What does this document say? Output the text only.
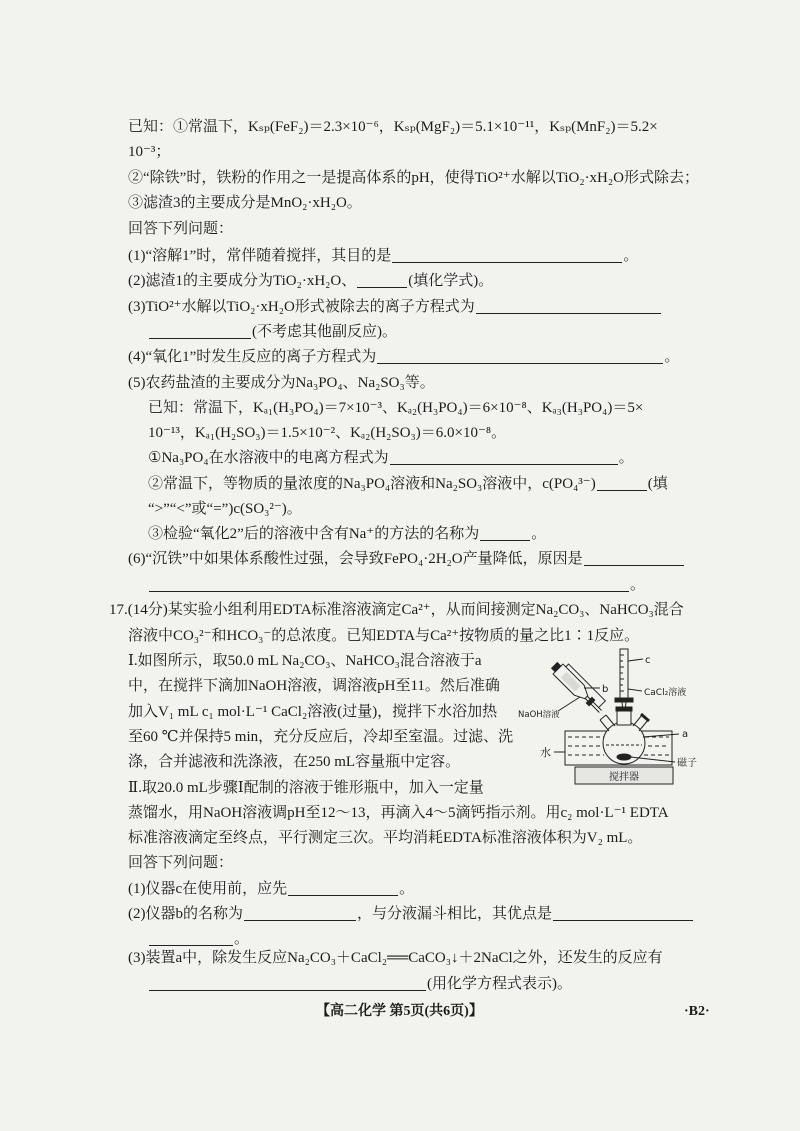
已知：①常温下，Kₛₚ(FeF₂)＝2.3×10⁻⁶，Kₛₚ(MgF₂)＝5.1×10⁻¹¹，Kₛₚ(MnF₂)＝5.2×
10⁻³；
②“除铁”时，铁粉的作用之一是提高体系的pH，使得TiO²⁺水解以TiO₂·xH₂O形式除去；
③滤渣3的主要成分是MnO₂·xH₂O。
回答下列问题：
(1)“溶解1”时，常伴随着搅拌，其目的是	。
(2)滤渣1的主要成分为TiO₂·xH₂O、	(填化学式)。
(3)TiO²⁺水解以TiO₂·xH₂O形式被除去的离子方程式为
(不考虑其他副反应)。
(4)“氧化1”时发生反应的离子方程式为	。
(5)农药盐渣的主要成分为Na₃PO₄、Na₂SO₃等。
已知：常温下，Kₐ₁(H₃PO₄)＝7×10⁻³、Kₐ₂(H₃PO₄)＝6×10⁻⁸、Kₐ₃(H₃PO₄)＝5×
10⁻¹³，Kₐ₁(H₂SO₃)＝1.5×10⁻²、Kₐ₂(H₂SO₃)＝6.0×10⁻⁸。
①Na₃PO₄在水溶液中的电离方程式为	。
②常温下，等物质的量浓度的Na₃PO₄溶液和Na₂SO₃溶液中，c(PO₄³⁻)	(填
“>”“<”或“=”)c(SO₃²⁻)。
③检验“氧化2”后的溶液中含有Na⁺的方法的名称为	。
(6)“沉铁”中如果体系酸性过强，会导致FePO₄·2H₂O产量降低，原因是
。
17.(14分)某实验小组利用EDTA标准溶液滴定Ca²⁺，从而间接测定Na₂CO₃、NaHCO₃混合
溶液中CO₃²⁻和HCO₃⁻的总浓度。已知EDTA与Ca²⁺按物质的量之比1∶1反应。
Ⅰ.如图所示，取50.0 mL Na₂CO₃、NaHCO₃混合溶液于a
中，在搅拌下滴加NaOH溶液，调溶液pH至11。然后准确
加入V₁ mL c₁ mol·L⁻¹ CaCl₂溶液(过量)，搅拌下水浴加热
至60 ℃并保持5 min，充分反应后，冷却至室温。过滤、洗
涤，合并滤液和洗涤液，在250 mL容量瓶中定容。
Ⅱ.取20.0 mL步骤Ⅰ配制的溶液于锥形瓶中，加入一定量
蒸馏水，用NaOH溶液调pH至12～13，再滴入4～5滴钙指示剂。用c₂ mol·L⁻¹ EDTA
标准溶液滴定至终点，平行测定三次。平均消耗EDTA标准溶液体积为V₂ mL。
回答下列问题：
(1)仪器c在使用前，应先	。
(2)仪器b的名称为	，与分液漏斗相比，其优点是
。
(3)装置a中，除发生反应Na₂CO₃＋CaCl₂══CaCO₃↓＋2NaCl之外，还发生的反应有
(用化学方程式表示)。
c
CaCl₂溶液
b
NaOH溶液
水
a
磁子
搅拌器
【高二化学 第5页(共6页)】	·B2·
